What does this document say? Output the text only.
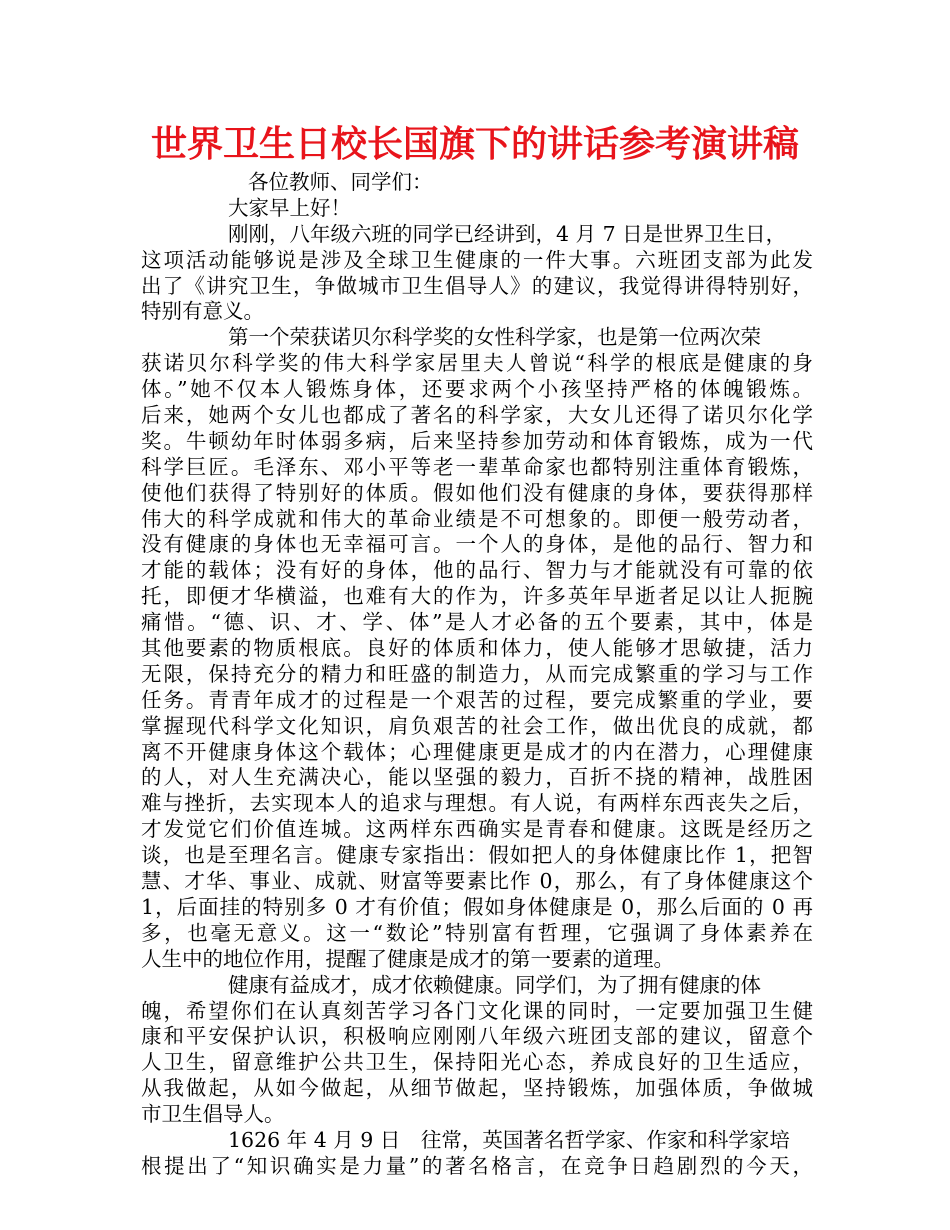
世界卫生日校长国旗下的讲话参考演讲稿
各位教师、同学们：
大家早上好！
刚刚，八年级六班的同学已经讲到，4 月 7 日是世界卫生日，
这项活动能够说是涉及全球卫生健康的一件大事。六班团支部为此发
出了《讲究卫生，争做城市卫生倡导人》的建议，我觉得讲得特别好，
特别有意义。
第一个荣获诺贝尔科学奖的女性科学家，也是第一位两次荣
获诺贝尔科学奖的伟大科学家居里夫人曾说“科学的根底是健康的身
体。”她不仅本人锻炼身体，还要求两个小孩坚持严格的体魄锻炼。
后来，她两个女儿也都成了著名的科学家，大女儿还得了诺贝尔化学
奖。牛顿幼年时体弱多病，后来坚持参加劳动和体育锻炼，成为一代
科学巨匠。毛泽东、邓小平等老一辈革命家也都特别注重体育锻炼，
使他们获得了特别好的体质。假如他们没有健康的身体，要获得那样
伟大的科学成就和伟大的革命业绩是不可想象的。即便一般劳动者，
没有健康的身体也无幸福可言。一个人的身体，是他的品行、智力和
才能的载体；没有好的身体，他的品行、智力与才能就没有可靠的依
托，即便才华横溢，也难有大的作为，许多英年早逝者足以让人扼腕
痛惜。“德、识、才、学、体”是人才必备的五个要素，其中，体是
其他要素的物质根底。良好的体质和体力，使人能够才思敏捷，活力
无限，保持充分的精力和旺盛的制造力，从而完成繁重的学习与工作
任务。青青年成才的过程是一个艰苦的过程，要完成繁重的学业，要
掌握现代科学文化知识，肩负艰苦的社会工作，做出优良的成就，都
离不开健康身体这个载体；心理健康更是成才的内在潜力，心理健康
的人，对人生充满决心，能以坚强的毅力，百折不挠的精神，战胜困
难与挫折，去实现本人的追求与理想。有人说，有两样东西丧失之后，
才发觉它们价值连城。这两样东西确实是青春和健康。这既是经历之
谈，也是至理名言。健康专家指出：假如把人的身体健康比作 1，把智
慧、才华、事业、成就、财富等要素比作 0，那么，有了身体健康这个
1，后面挂的特别多 0 才有价值；假如身体健康是 0，那么后面的 0 再
多，也毫无意义。这一“数论”特别富有哲理，它强调了身体素养在
人生中的地位作用，提醒了健康是成才的第一要素的道理。
健康有益成才，成才依赖健康。同学们，为了拥有健康的体
魄，希望你们在认真刻苦学习各门文化课的同时，一定要加强卫生健
康和平安保护认识，积极响应刚刚八年级六班团支部的建议，留意个
人卫生，留意维护公共卫生，保持阳光心态，养成良好的卫生适应，
从我做起，从如今做起，从细节做起，坚持锻炼，加强体质，争做城
市卫生倡导人。
1626 年 4 月 9 日　往常，英国著名哲学家、作家和科学家培
根提出了“知识确实是力量”的著名格言，在竞争日趋剧烈的今天，
